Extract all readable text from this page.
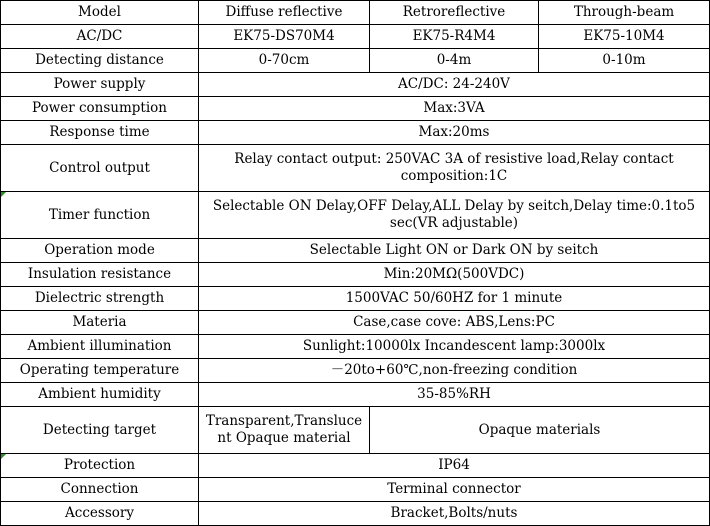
Model	Diffuse reflective	Retroreflective	Through-beam
AC/DC	EK75-DS70M4	EK75-R4M4	EK75-10M4
Detecting distance	0-70cm	0-4m	0-10m
Power supply	AC/DC: 24-240V		
Power consumption	Max:3VA		
Response time	Max:20ms		
Control output	Relay contact output: 250VAC 3A of resistive load,Relay contact composition:1C		

Timer function	Selectable ON Delay,OFF Delay,ALL Delay by seitch,Delay time:0.1to5 sec(VR adjustable)		
Operation mode	Selectable Light ON or Dark ON by seitch		
Insulation resistance	Min:20MΩ(500VDC)		
Dielectric strength	1500VAC 50/60HZ for 1 minute		
Materia	Case,case cove: ABS,Lens:PC		
Ambient illumination	Sunlight:10000lx Incandescent lamp:3000lx		
Operating temperature	－20to+60℃,non-freezing condition		
Ambient humidity	35-85%RH		
Detecting target	Transparent,Translucent Opaque material	Opaque materials	

Protection	IP64		
Connection	Terminal connector		
Accessory	Bracket,Bolts/nuts		
